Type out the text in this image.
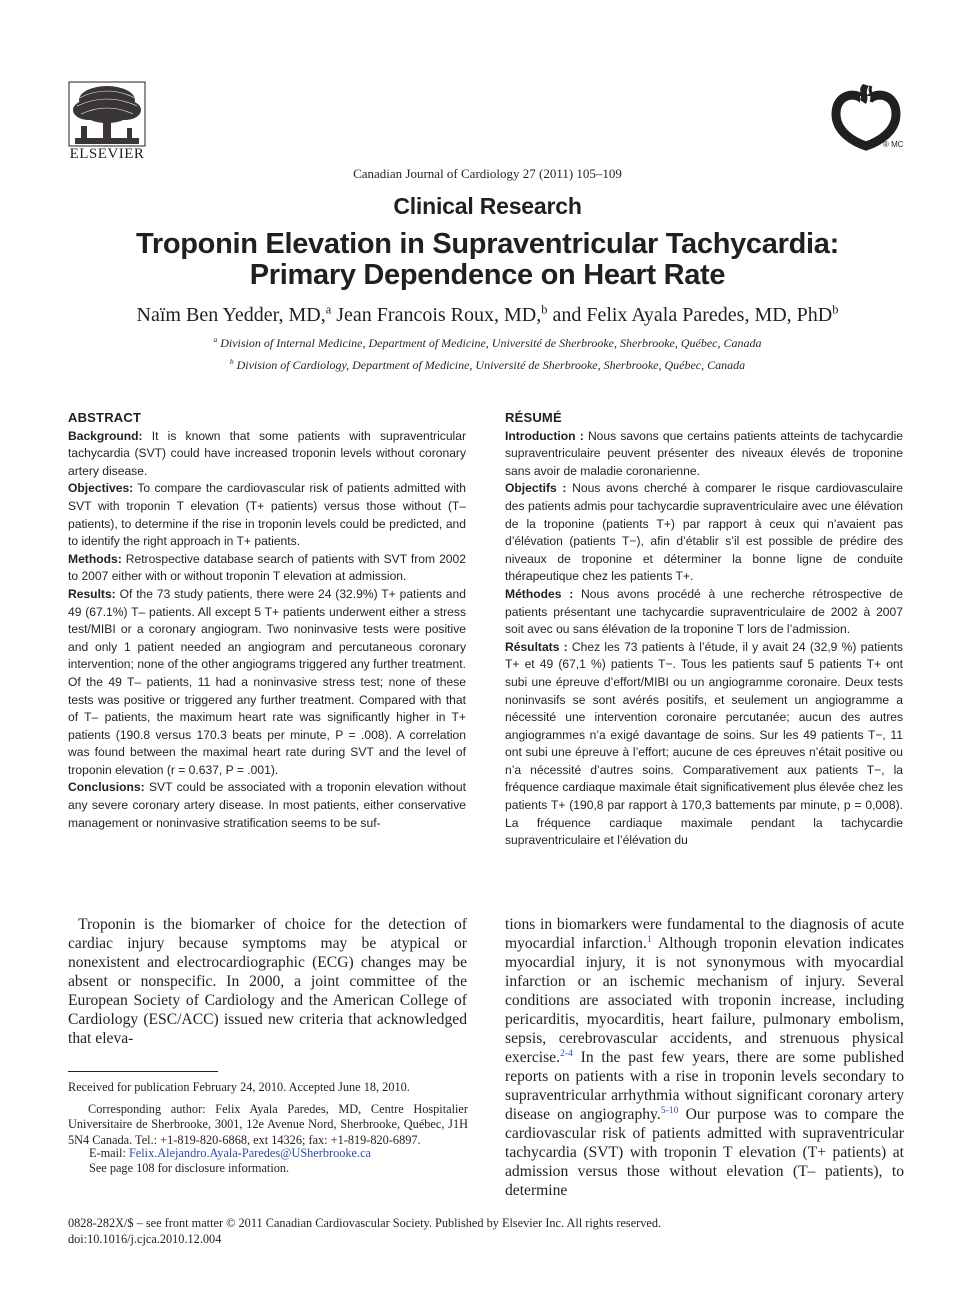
ELSEVIER
® MC
Canadian Journal of Cardiology 27 (2011) 105–109
Clinical Research
Troponin Elevation in Supraventricular Tachycardia:
Primary Dependence on Heart Rate
Naïm Ben Yedder, MD,$^a$ Jean Francois Roux, MD,$^b$ and Felix Ayala Paredes, MD, PhD$^b$
$^a$ Division of Internal Medicine, Department of Medicine, Université de Sherbrooke, Sherbrooke, Québec, Canada
$^b$ Division of Cardiology, Department of Medicine, Université de Sherbrooke, Sherbrooke, Québec, Canada
ABSTRACT

Background: It is known that some patients with supraventricular tachycardia (SVT) could have increased troponin levels without coronary artery disease.

Objectives: To compare the cardiovascular risk of patients admitted with SVT with troponin T elevation (T+ patients) versus those without (T– patients), to determine if the rise in troponin levels could be predicted, and to identify the right approach in T+ patients.

Methods: Retrospective database search of patients with SVT from 2002 to 2007 either with or without troponin T elevation at admission.

Results: Of the 73 study patients, there were 24 (32.9%) T+ patients and 49 (67.1%) T– patients. All except 5 T+ patients underwent either a stress test/MIBI or a coronary angiogram. Two noninvasive tests were positive and only 1 patient needed an angiogram and percutaneous coronary intervention; none of the other angiograms triggered any further treatment. Of the 49 T– patients, 11 had a noninvasive stress test; none of these tests was positive or triggered any further treatment. Compared with that of T– patients, the maximum heart rate was significantly higher in T+ patients (190.8 versus 170.3 beats per minute, P = .008). A correlation was found between the maximal heart rate during SVT and the level of troponin elevation (r = 0.637, P = .001).

Conclusions: SVT could be associated with a troponin elevation without any severe coronary artery disease. In most patients, either conservative management or noninvasive stratification seems to be suf-

RÉSUMÉ

Introduction : Nous savons que certains patients atteints de tachycardie supraventriculaire peuvent présenter des niveaux élevés de troponine sans avoir de maladie coronarienne.

Objectifs : Nous avons cherché à comparer le risque cardiovasculaire des patients admis pour tachycardie supraventriculaire avec une élévation de la troponine (patients T+) par rapport à ceux qui n’avaient pas d’élévation (patients T−), afin d’établir s’il est possible de prédire des niveaux de troponine et déterminer la bonne ligne de conduite thérapeutique chez les patients T+.

Méthodes : Nous avons procédé à une recherche rétrospective de patients présentant une tachycardie supraventriculaire de 2002 à 2007 soit avec ou sans élévation de la troponine T lors de l’admission.

Résultats : Chez les 73 patients à l’étude, il y avait 24 (32,9 %) patients T+ et 49 (67,1 %) patients T−. Tous les patients sauf 5 patients T+ ont subi une épreuve d’effort/MIBI ou un angiogramme coronaire. Deux tests noninvasifs se sont avérés positifs, et seulement un angiogramme a nécessité une intervention coronaire percutanée; aucun des autres angiogrammes n’a exigé davantage de soins. Sur les 49 patients T−, 11 ont subi une épreuve à l’effort; aucune de ces épreuves n’était positive ou n’a nécessité d’autres soins. Comparativement aux patients T−, la fréquence cardiaque maximale était significativement plus élevée chez les patients T+ (190,8 par rapport à 170,3 battements par minute, p = 0,008). La fréquence cardiaque maximale pendant la tachycardie supraventriculaire et l’élévation du

Troponin is the biomarker of choice for the detection of cardiac injury because symptoms may be atypical or nonexistent and electrocardiographic (ECG) changes may be absent or nonspecific. In 2000, a joint committee of the European Society of Cardiology and the American College of Cardiology (ESC/ACC) issued new criteria that acknowledged that eleva-
tions in biomarkers were fundamental to the diagnosis of acute myocardial infarction.$^1$ Although troponin elevation indicates myocardial injury, it is not synonymous with myocardial infarction or an ischemic mechanism of injury. Several conditions are associated with troponin increase, including pericarditis, myocarditis, heart failure, pulmonary embolism, sepsis, cerebrovascular accidents, and strenuous physical exercise.$^{2-4}$ In the past few years, there are some published reports on patients with a rise in troponin levels secondary to supraventricular arrhythmia without significant coronary artery disease on angiography.$^{5-10}$ Our purpose was to compare the cardiovascular risk of patients admitted with supraventricular tachycardia (SVT) with troponin T elevation (T+ patients) at admission versus those without elevation (T– patients), to determine
Received for publication February 24, 2010. Accepted June 18, 2010.
Corresponding author: Felix Ayala Paredes, MD, Centre Hospitalier Universitaire de Sherbrooke, 3001, 12e Avenue Nord, Sherbrooke, Québec, J1H 5N4 Canada. Tel.: +1-819-820-6868, ext 14326; fax: +1-819-820-6897.
E-mail: Felix.Alejandro.Ayala-Paredes@USherbrooke.ca
See page 108 for disclosure information.
0828-282X/$ – see front matter © 2011 Canadian Cardiovascular Society. Published by Elsevier Inc. All rights reserved.
doi:10.1016/j.cjca.2010.12.004
